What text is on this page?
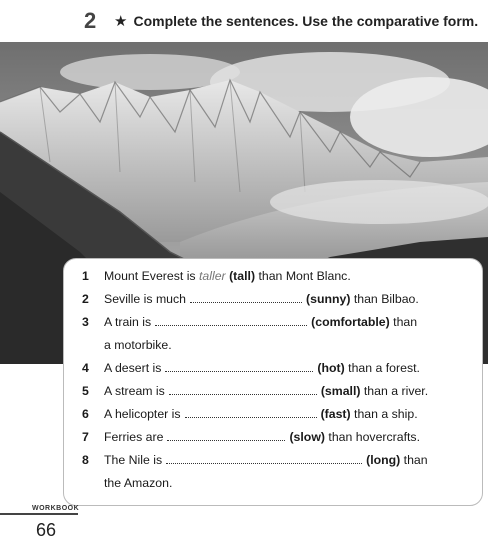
2	★ Complete the sentences. Use the comparative form.
1 Mount Everest is taller (tall) than Mont Blanc.
2 Seville is much	(sunny) than Bilbao.
3 A train is	(comfortable) than
a motorbike.
4 A desert is	(hot) than a forest.
5 A stream is	(small) than a river.
6 A helicopter is	(fast) than a ship.
7 Ferries are	(slow) than hovercrafts.
8 The Nile is	(long) than
the Amazon.
WORKBOOK
66
